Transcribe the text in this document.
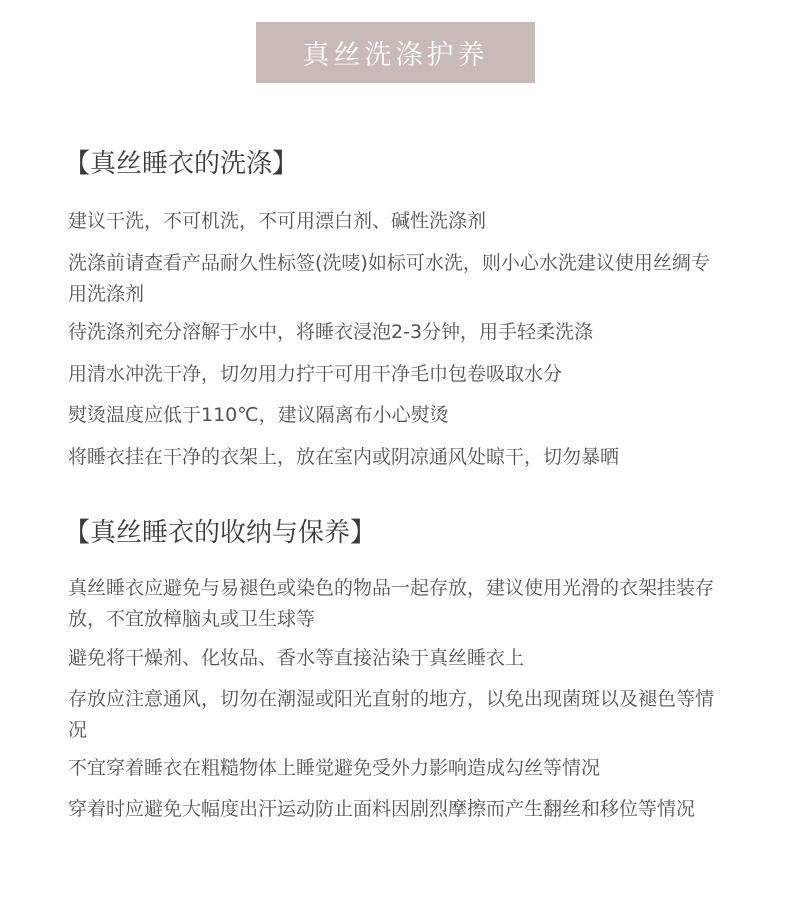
真丝洗涤护养
【真丝睡衣的洗涤】
建议干洗，不可机洗，不可用漂白剂、碱性洗涤剂
洗涤前请查看产品耐久性标签(洗唛)如标可水洗，则小心水洗建议使用丝绸专用洗涤剂
待洗涤剂充分溶解于水中，将睡衣浸泡2-3分钟，用手轻柔洗涤
用清水冲洗干净，切勿用力拧干可用干净毛巾包卷吸取水分
熨烫温度应低于110℃，建议隔离布小心熨烫
将睡衣挂在干净的衣架上，放在室内或阴凉通风处晾干，切勿暴晒
【真丝睡衣的收纳与保养】
真丝睡衣应避免与易褪色或染色的物品一起存放，建议使用光滑的衣架挂装存放，不宜放樟脑丸或卫生球等
避免将干燥剂、化妆品、香水等直接沾染于真丝睡衣上
存放应注意通风，切勿在潮湿或阳光直射的地方，以免出现菌斑以及褪色等情况
不宜穿着睡衣在粗糙物体上睡觉避免受外力影响造成勾丝等情况
穿着时应避免大幅度出汗运动防止面料因剧烈摩擦而产生翻丝和移位等情况
